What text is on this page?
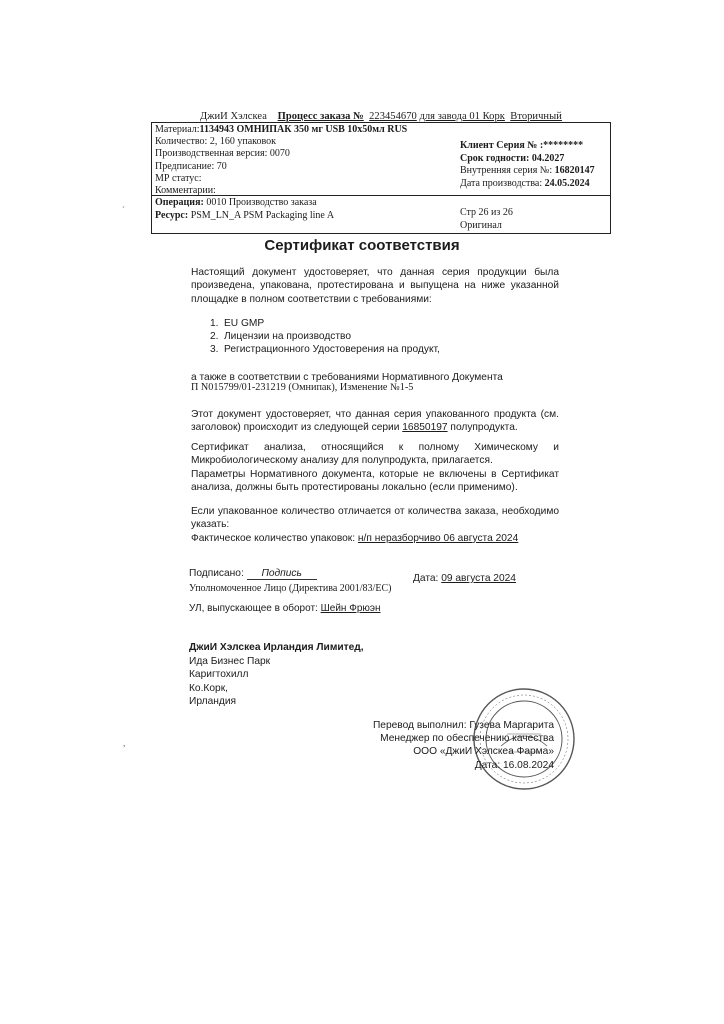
ДжиИ Хэлскеа Процесс заказа № 223454670 для завода 01 Корк Вторичный
Материал:1134943 ОМНИПАК 350 мг USB 10х50мл RUS
Количество: 2, 160 упаковок
Производственная версия: 0070
Предписание: 70
МР статус:
Комментарии:
Клиент Серия № :********
Срок годности: 04.2027
Внутренняя серия №: 16820147
Дата производства: 24.05.2024
Операция: 0010 Производство заказа
Ресурс: PSM_LN_A PSM Packaging line A	Стр 26 из 26
Оригинал
Сертификат соответствия
Настоящий документ удостоверяет, что данная серия продукции была произведена, упакована, протестирована и выпущена на ниже указанной площадке в полном соответствии с требованиями:
1. EU GMP
2. Лицензии на производство
3. Регистрационного Удостоверения на продукт,
а также в соответствии с требованиями Нормативного Документа
П N015799/01-231219 (Омнипак), Изменение №1-5
Этот документ удостоверяет, что данная серия упакованного продукта (см. заголовок) происходит из следующей серии 16850197 полупродукта.
Сертификат анализа, относящийся к полному Химическому и Микробиологическому анализу для полупродукта, прилагается.
Параметры Нормативного документа, которые не включены в Сертификат анализа, должны быть протестированы локально (если применимо).
Если упакованное количество отличается от количества заказа, необходимо указать:
Фактическое количество упаковок: н/п неразборчиво 06 августа 2024
Подписано: Подпись
Уполномоченное Лицо (Директива 2001/83/ЕС)
Дата: 09 августа 2024
УЛ, выпускающее в оборот: Шейн Фрюэн
ДжиИ Хэлскеа Ирландия Лимитед,
Ида Бизнес Парк
Каригтохилл
Ко.Корк,
Ирландия
Перевод выполнил: Гузева Маргарита
Менеджер по обеспечению качества
ООО «ДжиИ Хэлскеа Фарма»
Дата: 16.08.2024
´
,
